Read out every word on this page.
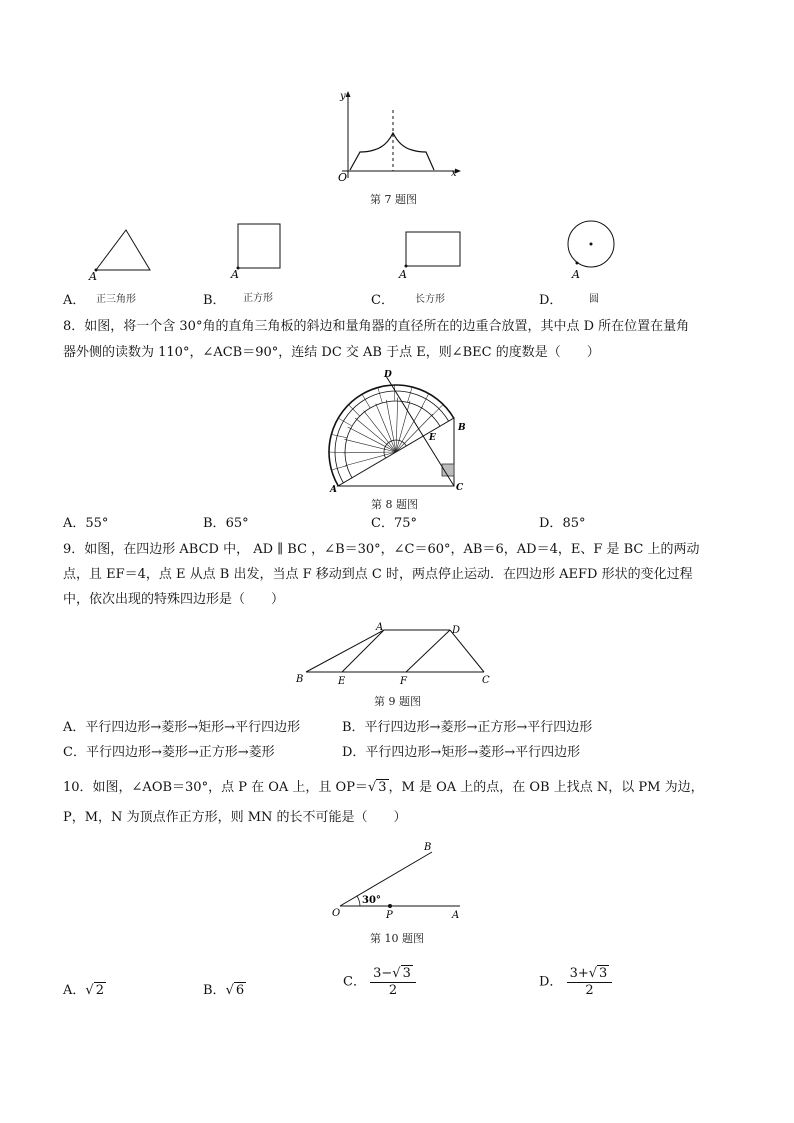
y
x
O
第 7 题图
A	A	A	A
A． 正三角形	B． 正方形	C． 长方形	D．	圆
8．如图，将一个含 30°角的直角三角板的斜边和量角器的直径所在的边重合放置，其中点 D 所在位置在量角
器外侧的读数为 110°，∠ACB＝90°，连结 DC 交 AB 于点 E，则∠BEC 的度数是（　　）
D
E
B
A	C
第 8 题图
A．55°	B．65°	C．75°	D．85°
9．如图，在四边形 ABCD 中， AD ∥ BC ，∠B＝30°，∠C＝60°，AB＝6，AD＝4，E、F 是 BC 上的两动
点，且 EF＝4，点 E 从点 B 出发，当点 F 移动到点 C 时，两点停止运动．在四边形 AEFD 形状的变化过程
中，依次出现的特殊四边形是（　　）
A	D
B	E	F	C
第 9 题图
A．平行四边形→菱形→矩形→平行四边形	B．平行四边形→菱形→正方形→平行四边形
C．平行四边形→菱形→正方形→菱形	D．平行四边形→矩形→菱形→平行四边形
10．如图，∠AOB＝30°，点 P 在 OA 上，且 OP＝√ 3 ，M 是 OA 上的点，在 OB 上找点 N，以 PM 为边，
P，M，N 为顶点作正方形，则 MN 的长不可能是（　　）
30°
O	P	A
B
第 10 题图
A．√ 2	B．√ 6
C． $\frac{3-√ 3}{2}$	D． $\frac{3+√ 3}{2}$
